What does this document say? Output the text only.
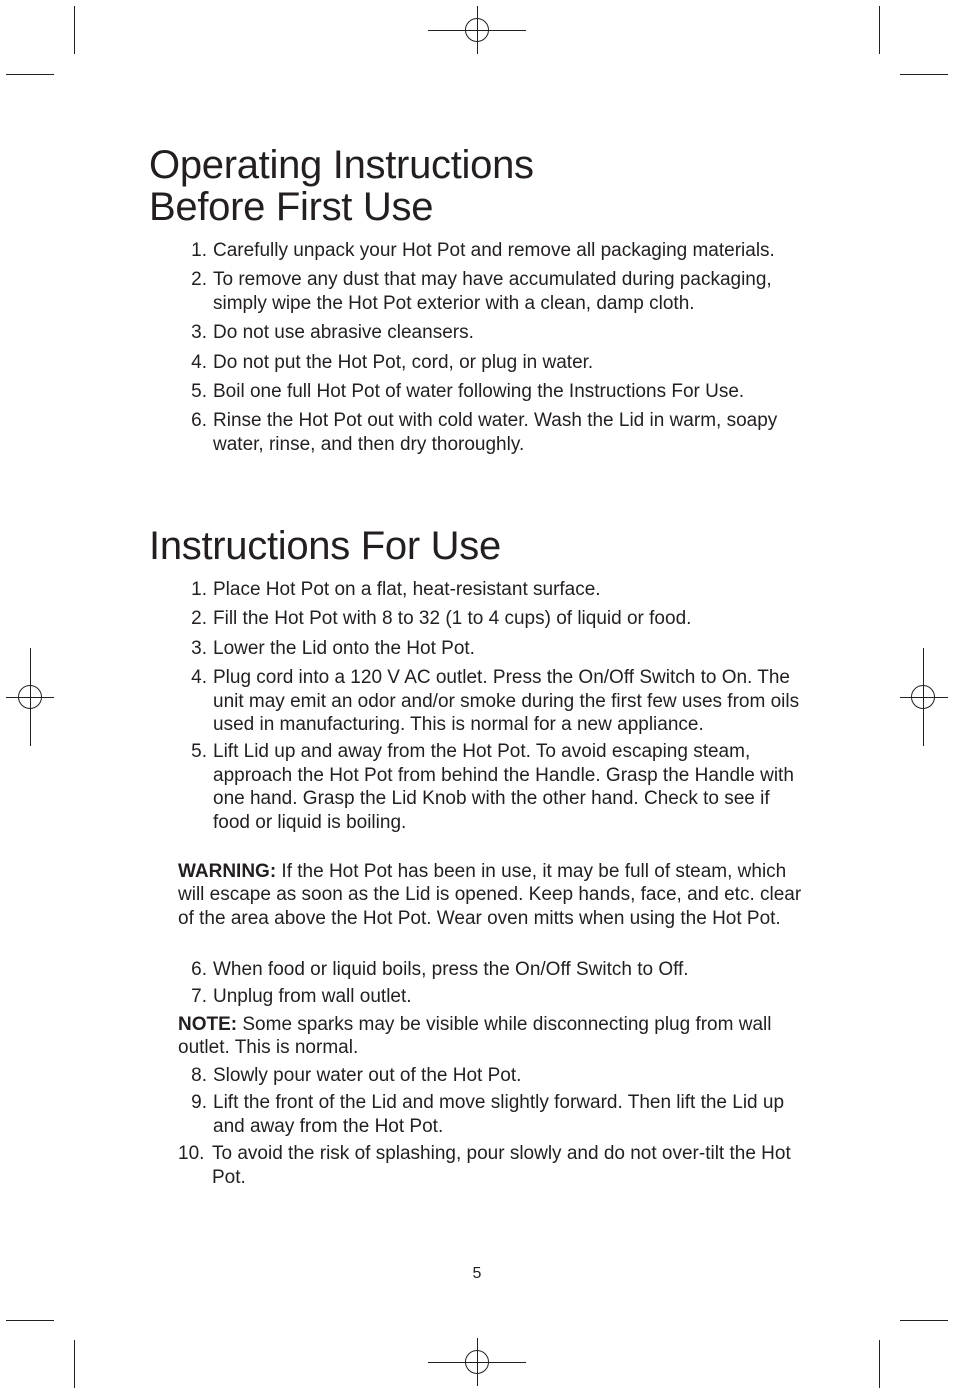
Operating Instructions
Before First Use
1. Carefully unpack your Hot Pot and remove all packaging materials.
2. To remove any dust that may have accumulated during packaging, simply wipe the Hot Pot exterior with a clean, damp cloth.
3. Do not use abrasive cleansers.
4. Do not put the Hot Pot, cord, or plug in water.
5. Boil one full Hot Pot of water following the Instructions For Use.
6. Rinse the Hot Pot out with cold water. Wash the Lid in warm, soapy water, rinse, and then dry thoroughly.
Instructions For Use
1. Place Hot Pot on a flat, heat-resistant surface.
2. Fill the Hot Pot with 8 to 32 (1 to 4 cups) of liquid or food.
3. Lower the Lid onto the Hot Pot.
4. Plug cord into a 120 V AC outlet. Press the On/Off Switch to On. The unit may emit an odor and/or smoke during the first few uses from oils used in manufacturing. This is normal for a new appliance.
5. Lift Lid up and away from the Hot Pot. To avoid escaping steam, approach the Hot Pot from behind the Handle. Grasp the Handle with one hand. Grasp the Lid Knob with the other hand. Check to see if food or liquid is boiling.

WARNING: If the Hot Pot has been in use, it may be full of steam, which will escape as soon as the Lid is opened. Keep hands, face, and etc. clear of the area above the Hot Pot. Wear oven mitts when using the Hot Pot.

6. When food or liquid boils, press the On/Off Switch to Off.
7. Unplug from wall outlet.

NOTE: Some sparks may be visible while disconnecting plug from wall outlet. This is normal.

8. Slowly pour water out of the Hot Pot.
9. Lift the front of the Lid and move slightly forward. Then lift the Lid up and away from the Hot Pot.
10. To avoid the risk of splashing, pour slowly and do not over-tilt the Hot Pot.
5
